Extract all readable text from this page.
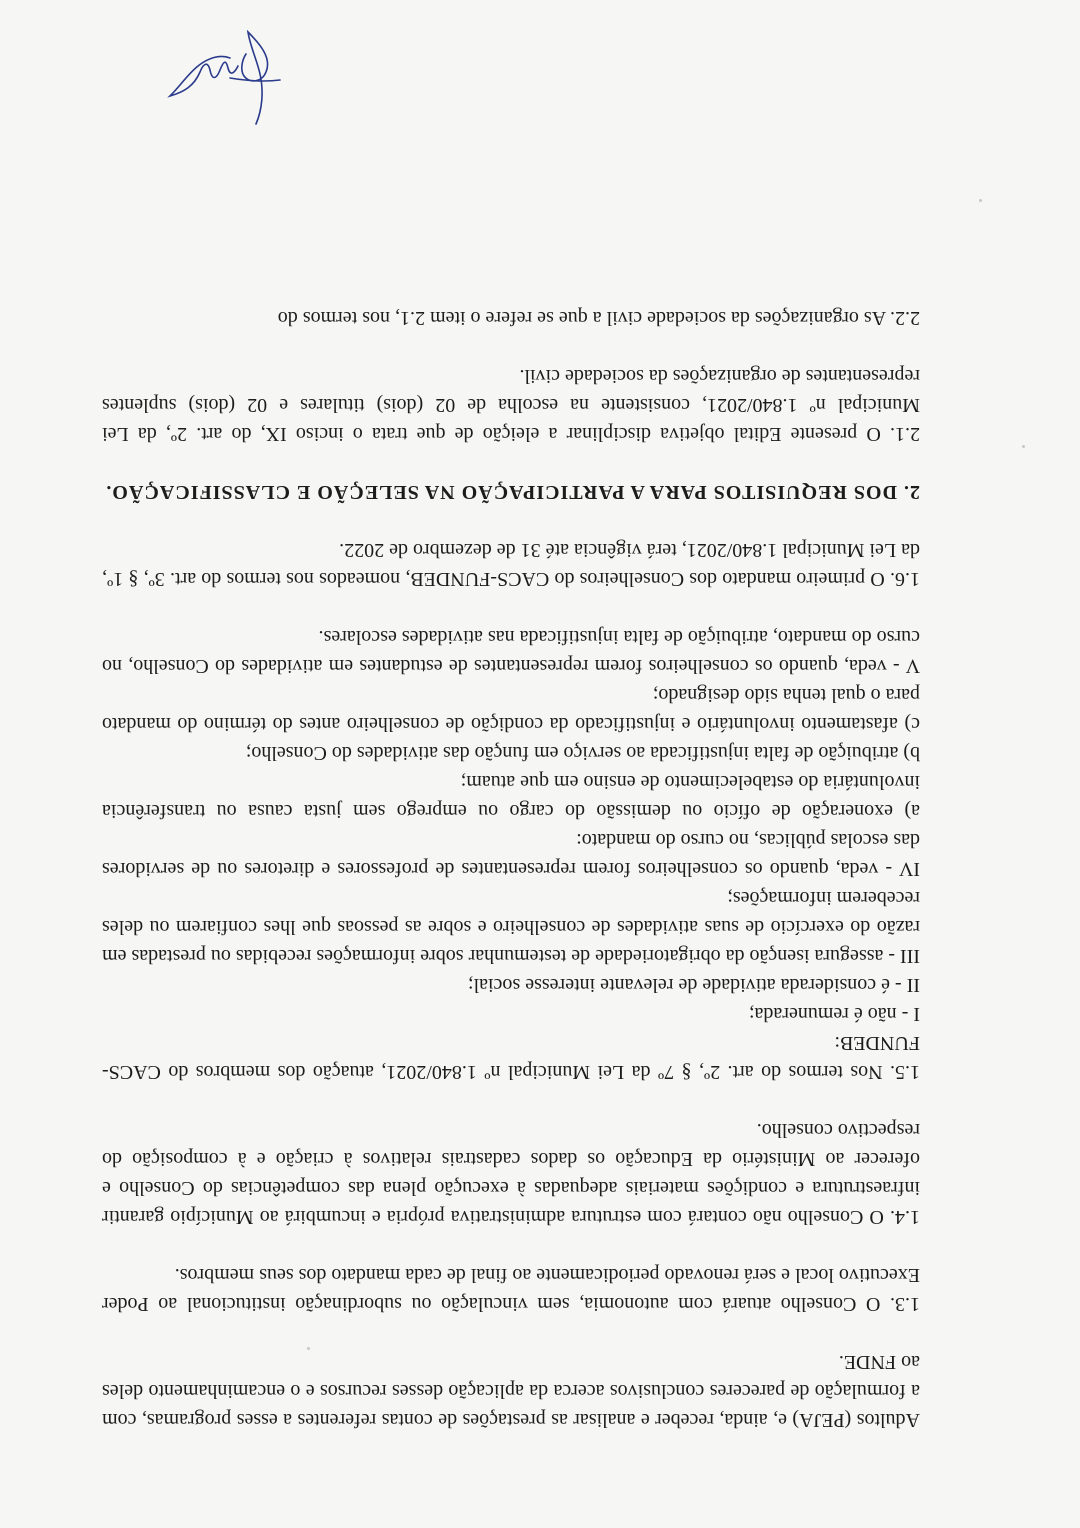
Adultos (PEJA) e, ainda, receber e analisar as prestações de contas referentes a esses programas, com a formulação de pareceres conclusivos acerca da aplicação desses recursos e o encaminhamento deles ao FNDE.

1.3. O Conselho atuará com autonomia, sem vinculação ou subordinação institucional ao Poder Executivo local e será renovado periodicamente ao final de cada mandato dos seus membros.

1.4. O Conselho não contará com estrutura administrativa própria e incumbirá ao Município garantir infraestrutura e condições materiais adequadas à execução plena das competências do Conselho e oferecer ao Ministério da Educação os dados cadastrais relativos à criação e à composição do respectivo conselho.

1.5. Nos termos do art. 2º, § 7º da Lei Municipal nº 1.840/2021, atuação dos membros do CACS-FUNDEB:

I - não é remunerada;

II - é considerada atividade de relevante interesse social;

III - assegura isenção da obrigatoriedade de testemunhar sobre informações recebidas ou prestadas em razão do exercício de suas atividades de conselheiro e sobre as pessoas que lhes confiarem ou deles receberem informações;

IV - veda, quando os conselheiros forem representantes de professores e diretores ou de servidores das escolas públicas, no curso do mandato:

a) exoneração de ofício ou demissão do cargo ou emprego sem justa causa ou transferência involuntária do estabelecimento de ensino em que atuam;

b) atribuição de falta injustificada ao serviço em função das atividades do Conselho;

c) afastamento involuntário e injustificado da condição de conselheiro antes do término do mandato para o qual tenha sido designado;

V - veda, quando os conselheiros forem representantes de estudantes em atividades do Conselho, no curso do mandato, atribuição de falta injustificada nas atividades escolares.

1.6. O primeiro mandato dos Conselheiros do CACS-FUNDEB, nomeados nos termos do art. 3º, § 1º, da Lei Municipal 1.840/2021, terá vigência até 31 de dezembro de 2022.

2. DOS REQUISITOS PARA A PARTICIPAÇÃO NA SELEÇÃO E CLASSIFICAÇÃO.

2.1. O presente Edital objetiva disciplinar a eleição de que trata o inciso IX, do art. 2º, da Lei Municipal nº 1.840/2021, consistente na escolha de 02 (dois) titulares e 02 (dois) suplentes representantes de organizações da sociedade civil.

2.2. As organizações da sociedade civil a que se refere o item 2.1, nos termos do
